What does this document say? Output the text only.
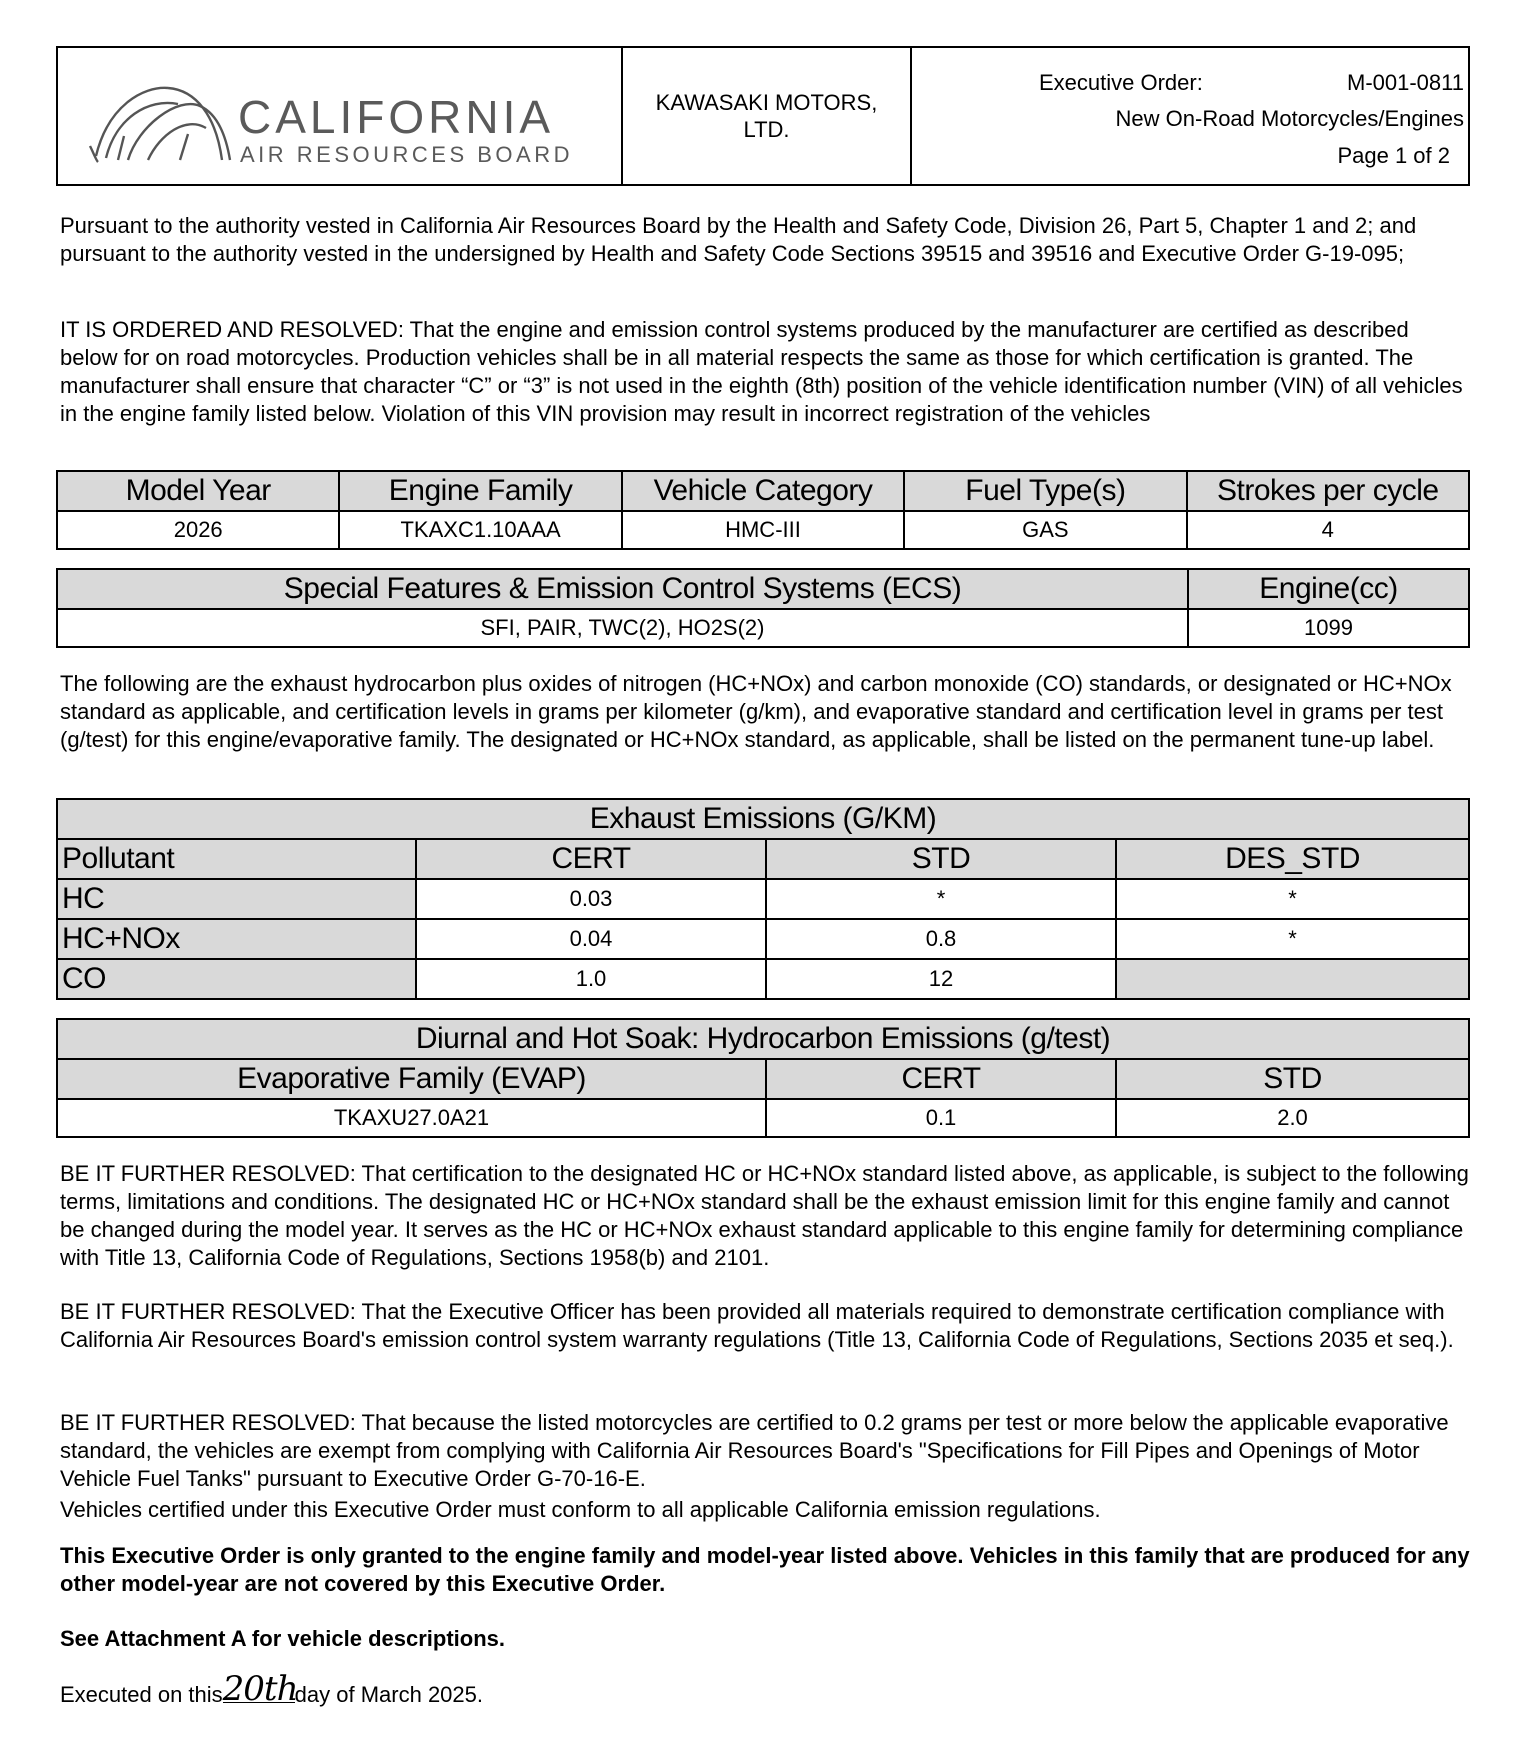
CALIFORNIA
AIR RESOURCES BOARD
KAWASAKI MOTORS,
LTD.
Executive Order:	M-001-0811
New On-Road Motorcycles/Engines
Page 1 of 2

Pursuant to the authority vested in California Air Resources Board by the Health and Safety Code, Division 26, Part 5, Chapter 1 and 2; and pursuant to the authority vested in the undersigned by Health and Safety Code Sections 39515 and 39516 and Executive Order G-19-095;

IT IS ORDERED AND RESOLVED: That the engine and emission control systems produced by the manufacturer are certified as described below for on road motorcycles. Production vehicles shall be in all material respects the same as those for which certification is granted. The manufacturer shall ensure that character “C” or “3” is not used in the eighth (8th) position of the vehicle identification number (VIN) of all vehicles in the engine family listed below. Violation of this VIN provision may result in incorrect registration of the vehicles

Model Year	Engine Family	Vehicle Category	Fuel Type(s)	Strokes per cycle
2026	TKAXC1.10AAA	HMC-III	GAS	4
Special Features & Emission Control Systems (ECS)	Engine(cc)
SFI, PAIR, TWC(2), HO2S(2)	1099

The following are the exhaust hydrocarbon plus oxides of nitrogen (HC+NOx) and carbon monoxide (CO) standards, or designated or HC+NOx standard as applicable, and certification levels in grams per kilometer (g/km), and evaporative standard and certification level in grams per test (g/test) for this engine/evaporative family. The designated or HC+NOx standard, as applicable, shall be listed on the permanent tune-up label.

Exhaust Emissions (G/KM)			
Pollutant	CERT	STD	DES_STD
HC	0.03	*	*
HC+NOx	0.04	0.8	*
CO	1.0	12	
Diurnal and Hot Soak: Hydrocarbon Emissions (g/test)		
Evaporative Family (EVAP)	CERT	STD
TKAXU27.0A21	0.1	2.0

BE IT FURTHER RESOLVED: That certification to the designated HC or HC+NOx standard listed above, as applicable, is subject to the following terms, limitations and conditions. The designated HC or HC+NOx standard shall be the exhaust emission limit for this engine family and cannot be changed during the model year. It serves as the HC or HC+NOx exhaust standard applicable to this engine family for determining compliance with Title 13, California Code of Regulations, Sections 1958(b) and 2101.

BE IT FURTHER RESOLVED: That the Executive Officer has been provided all materials required to demonstrate certification compliance with California Air Resources Board's emission control system warranty regulations (Title 13, California Code of Regulations, Sections 2035 et seq.).

BE IT FURTHER RESOLVED: That because the listed motorcycles are certified to 0.2 grams per test or more below the applicable evaporative standard, the vehicles are exempt from complying with California Air Resources Board's "Specifications for Fill Pipes and Openings of Motor Vehicle Fuel Tanks" pursuant to Executive Order G-70-16-E.

Vehicles certified under this Executive Order must conform to all applicable California emission regulations.

This Executive Order is only granted to the engine family and model-year listed above. Vehicles in this family that are produced for any other model-year are not covered by this Executive Order.

See Attachment A for vehicle descriptions.

Executed on this20thday of March 2025.
